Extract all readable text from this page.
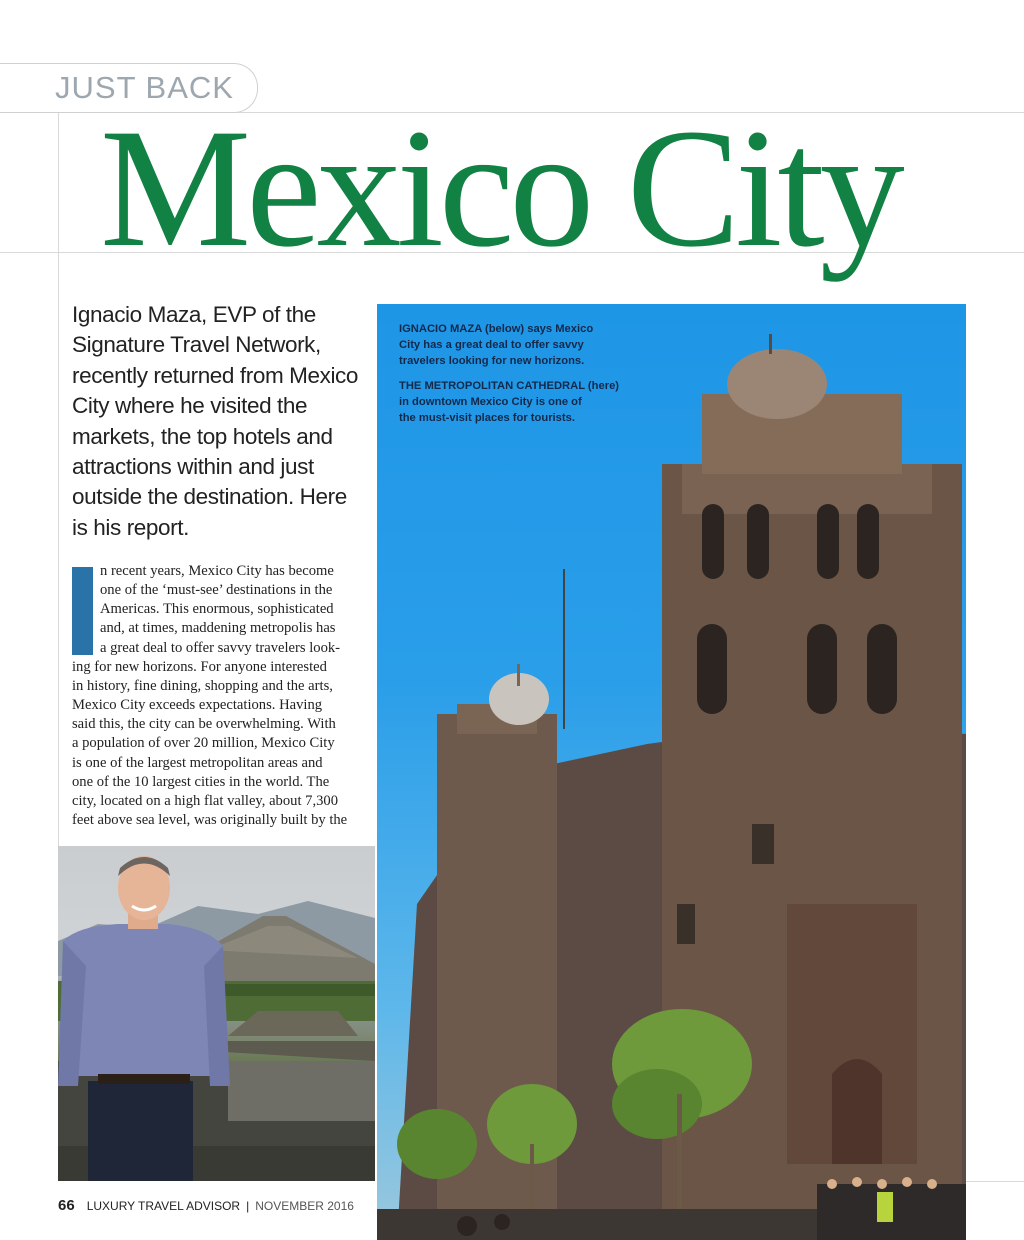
JUST BACK
Mexico City
Ignacio Maza, EVP of the
Signature Travel Network,
recently returned from Mexico
City where he visited the
markets, the top hotels and
attractions within and just
outside the destination. Here
is his report.
n recent years, Mexico City has become
one of the ‘must-see’ destinations in the
Americas. This enormous, sophisticated
and, at times, maddening metropolis has
a great deal to offer savvy travelers look-
ing for new horizons. For anyone interested
in history, fine dining, shopping and the arts,
Mexico City exceeds expectations. Having
said this, the city can be overwhelming. With
a population of over 20 million, Mexico City
is one of the largest metropolitan areas and
one of the 10 largest cities in the world. The
city, located on a high flat valley, about 7,300
feet above sea level, was originally built by the
IGNACIO MAZA (below) says Mexico
City has a great deal to offer savvy
travelers looking for new horizons.
THE METROPOLITAN CATHEDRAL (here)
in downtown Mexico City is one of
the must-visit places for tourists.
66 LUXURY TRAVEL ADVISOR | NOVEMBER 2016
